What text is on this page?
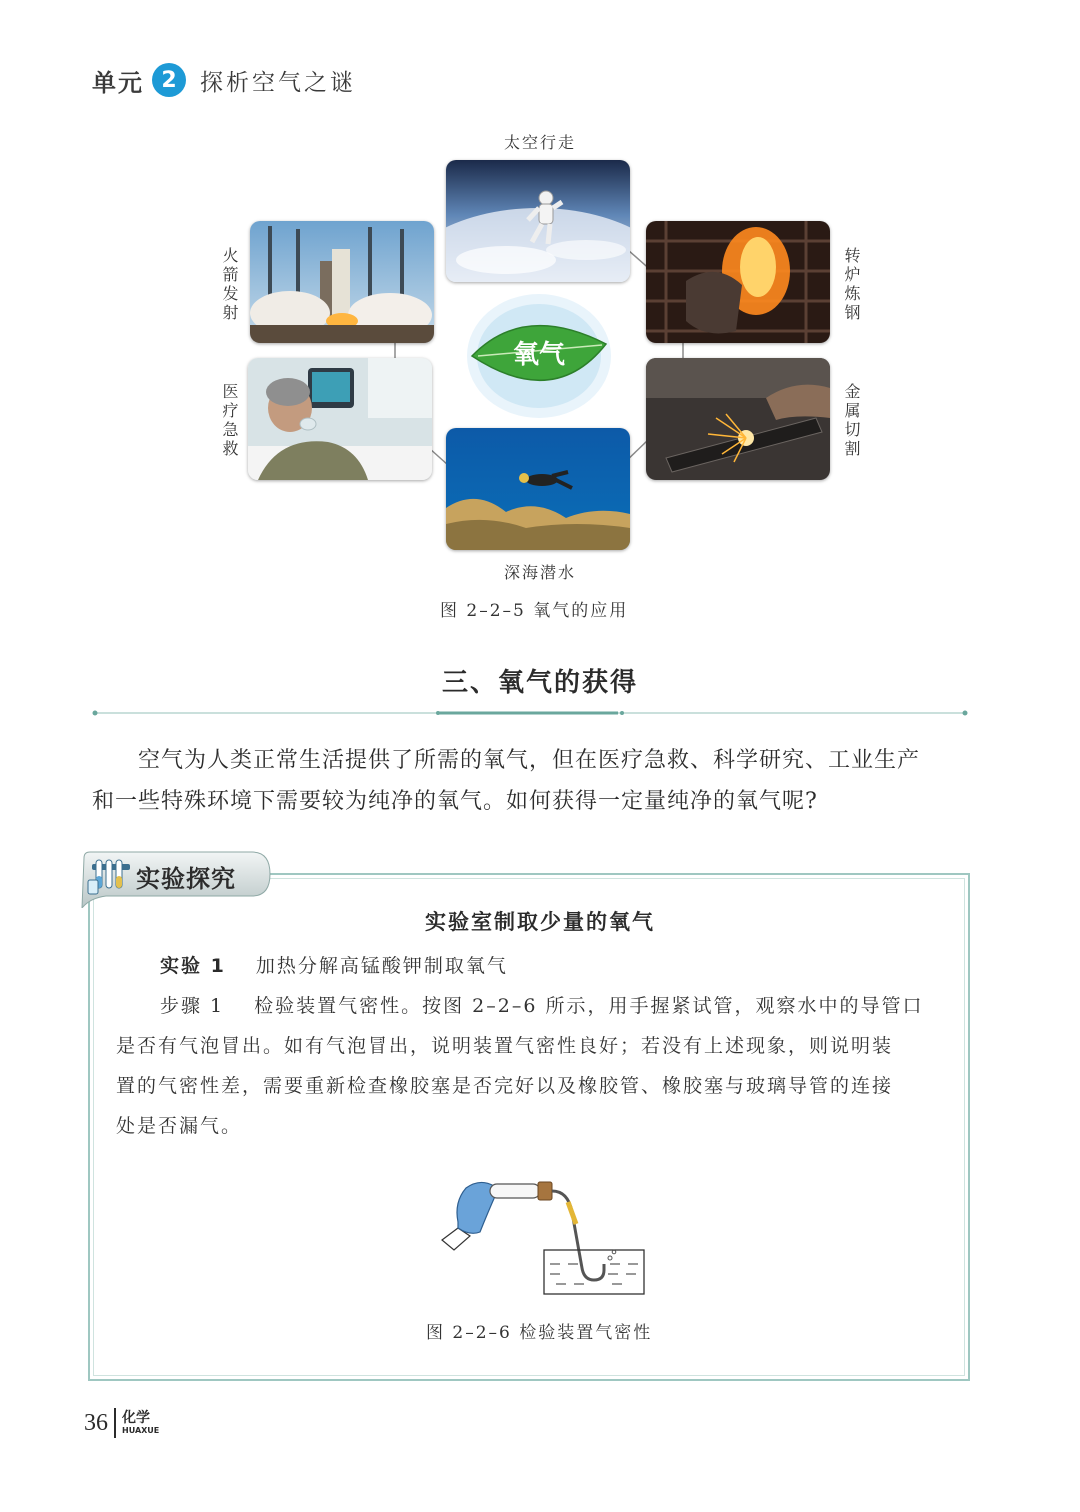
单元 2	探析空气之谜
太空行走
火箭发射	转炉炼钢
氧气
医疗急救	金属切割
深海潜水
图 2–2–5 氧气的应用
三、氧气的获得
空气为人类正常生活提供了所需的氧气，但在医疗急救、科学研究、工业生产
和一些特殊环境下需要较为纯净的氧气。如何获得一定量纯净的氧气呢?
实验探究
实验室制取少量的氧气
实验 1 加热分解高锰酸钾制取氧气
步骤 1 检验装置气密性。按图 2–2–6 所示，用手握紧试管，观察水中的导管口
是否有气泡冒出。如有气泡冒出，说明装置气密性良好；若没有上述现象，则说明装
置的气密性差，需要重新检查橡胶塞是否完好以及橡胶管、橡胶塞与玻璃导管的连接
处是否漏气。
图 2–2–6 检验装置气密性
36 化学
HUAXUE
